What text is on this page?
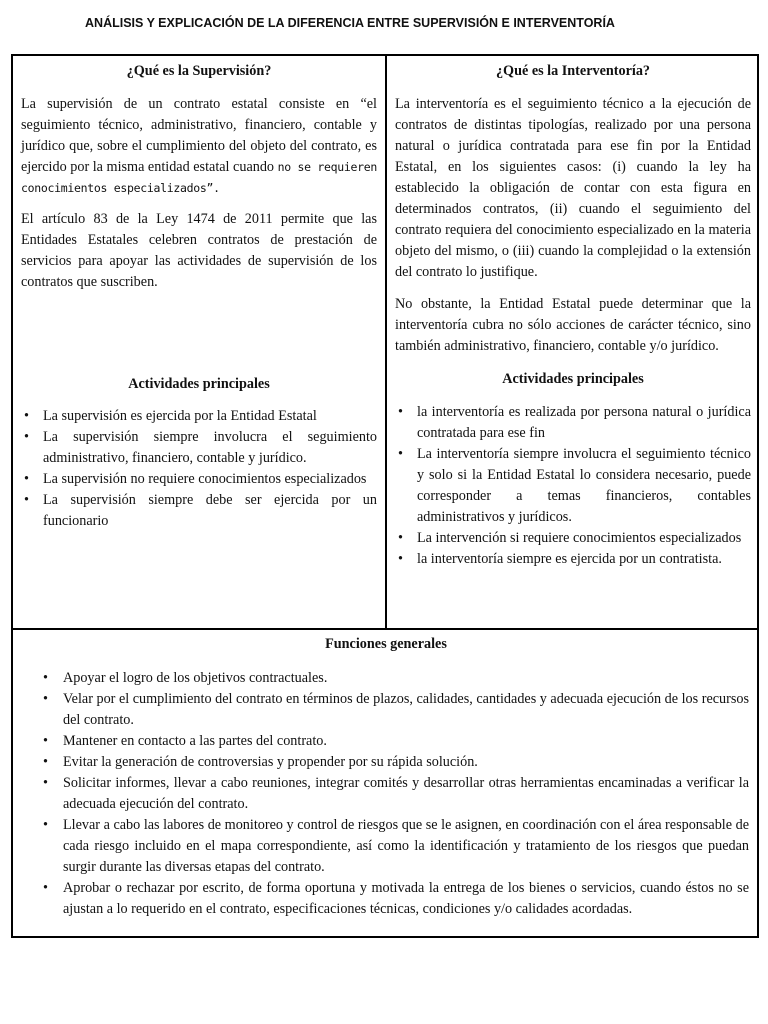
ANÁLISIS Y EXPLICACIÓN DE LA DIFERENCIA ENTRE SUPERVISIÓN E INTERVENTORÍA
¿Qué es la Supervisión?

La supervisión de un contrato estatal consiste en “el seguimiento técnico, administrativo, financiero, contable y jurídico que, sobre el cumplimiento del objeto del contrato, es ejercido por la misma entidad estatal cuando no se requieren conocimientos especializados”.

El artículo 83 de la Ley 1474 de 2011 permite que las Entidades Estatales celebren contratos de prestación de servicios para apoyar las actividades de supervisión de los contratos que suscriben.

Actividades principales
• La supervisión es ejercida por la Entidad Estatal
• La supervisión siempre involucra el seguimiento administrativo, financiero, contable y jurídico.
• La supervisión no requiere conocimientos especializados
• La supervisión siempre debe ser ejercida por un funcionario
¿Qué es la Interventoría?

La interventoría es el seguimiento técnico a la ejecución de contratos de distintas tipologías, realizado por una persona natural o jurídica contratada para ese fin por la Entidad Estatal, en los siguientes casos: (i) cuando la ley ha establecido la obligación de contar con esta figura en determinados contratos, (ii) cuando el seguimiento del contrato requiera del conocimiento especializado en la materia objeto del mismo, o (iii) cuando la complejidad o la extensión del contrato lo justifique.

No obstante, la Entidad Estatal puede determinar que la interventoría cubra no sólo acciones de carácter técnico, sino también administrativo, financiero, contable y/o jurídico.

Actividades principales
• la interventoría es realizada por persona natural o jurídica contratada para ese fin
• La interventoría siempre involucra el seguimiento técnico y solo si la Entidad Estatal lo considera necesario, puede corresponder a temas financieros, contables administrativos y jurídicos.
• La intervención si requiere conocimientos especializados
• la interventoría siempre es ejercida por un contratista.
Funciones generales
• Apoyar el logro de los objetivos contractuales.
• Velar por el cumplimiento del contrato en términos de plazos, calidades, cantidades y adecuada ejecución de los recursos del contrato.
• Mantener en contacto a las partes del contrato.
• Evitar la generación de controversias y propender por su rápida solución.
• Solicitar informes, llevar a cabo reuniones, integrar comités y desarrollar otras herramientas encaminadas a verificar la adecuada ejecución del contrato.
• Llevar a cabo las labores de monitoreo y control de riesgos que se le asignen, en coordinación con el área responsable de cada riesgo incluido en el mapa correspondiente, así como la identificación y tratamiento de los riesgos que puedan surgir durante las diversas etapas del contrato.
• Aprobar o rechazar por escrito, de forma oportuna y motivada la entrega de los bienes o servicios, cuando éstos no se ajustan a lo requerido en el contrato, especificaciones técnicas, condiciones y/o calidades acordadas.
